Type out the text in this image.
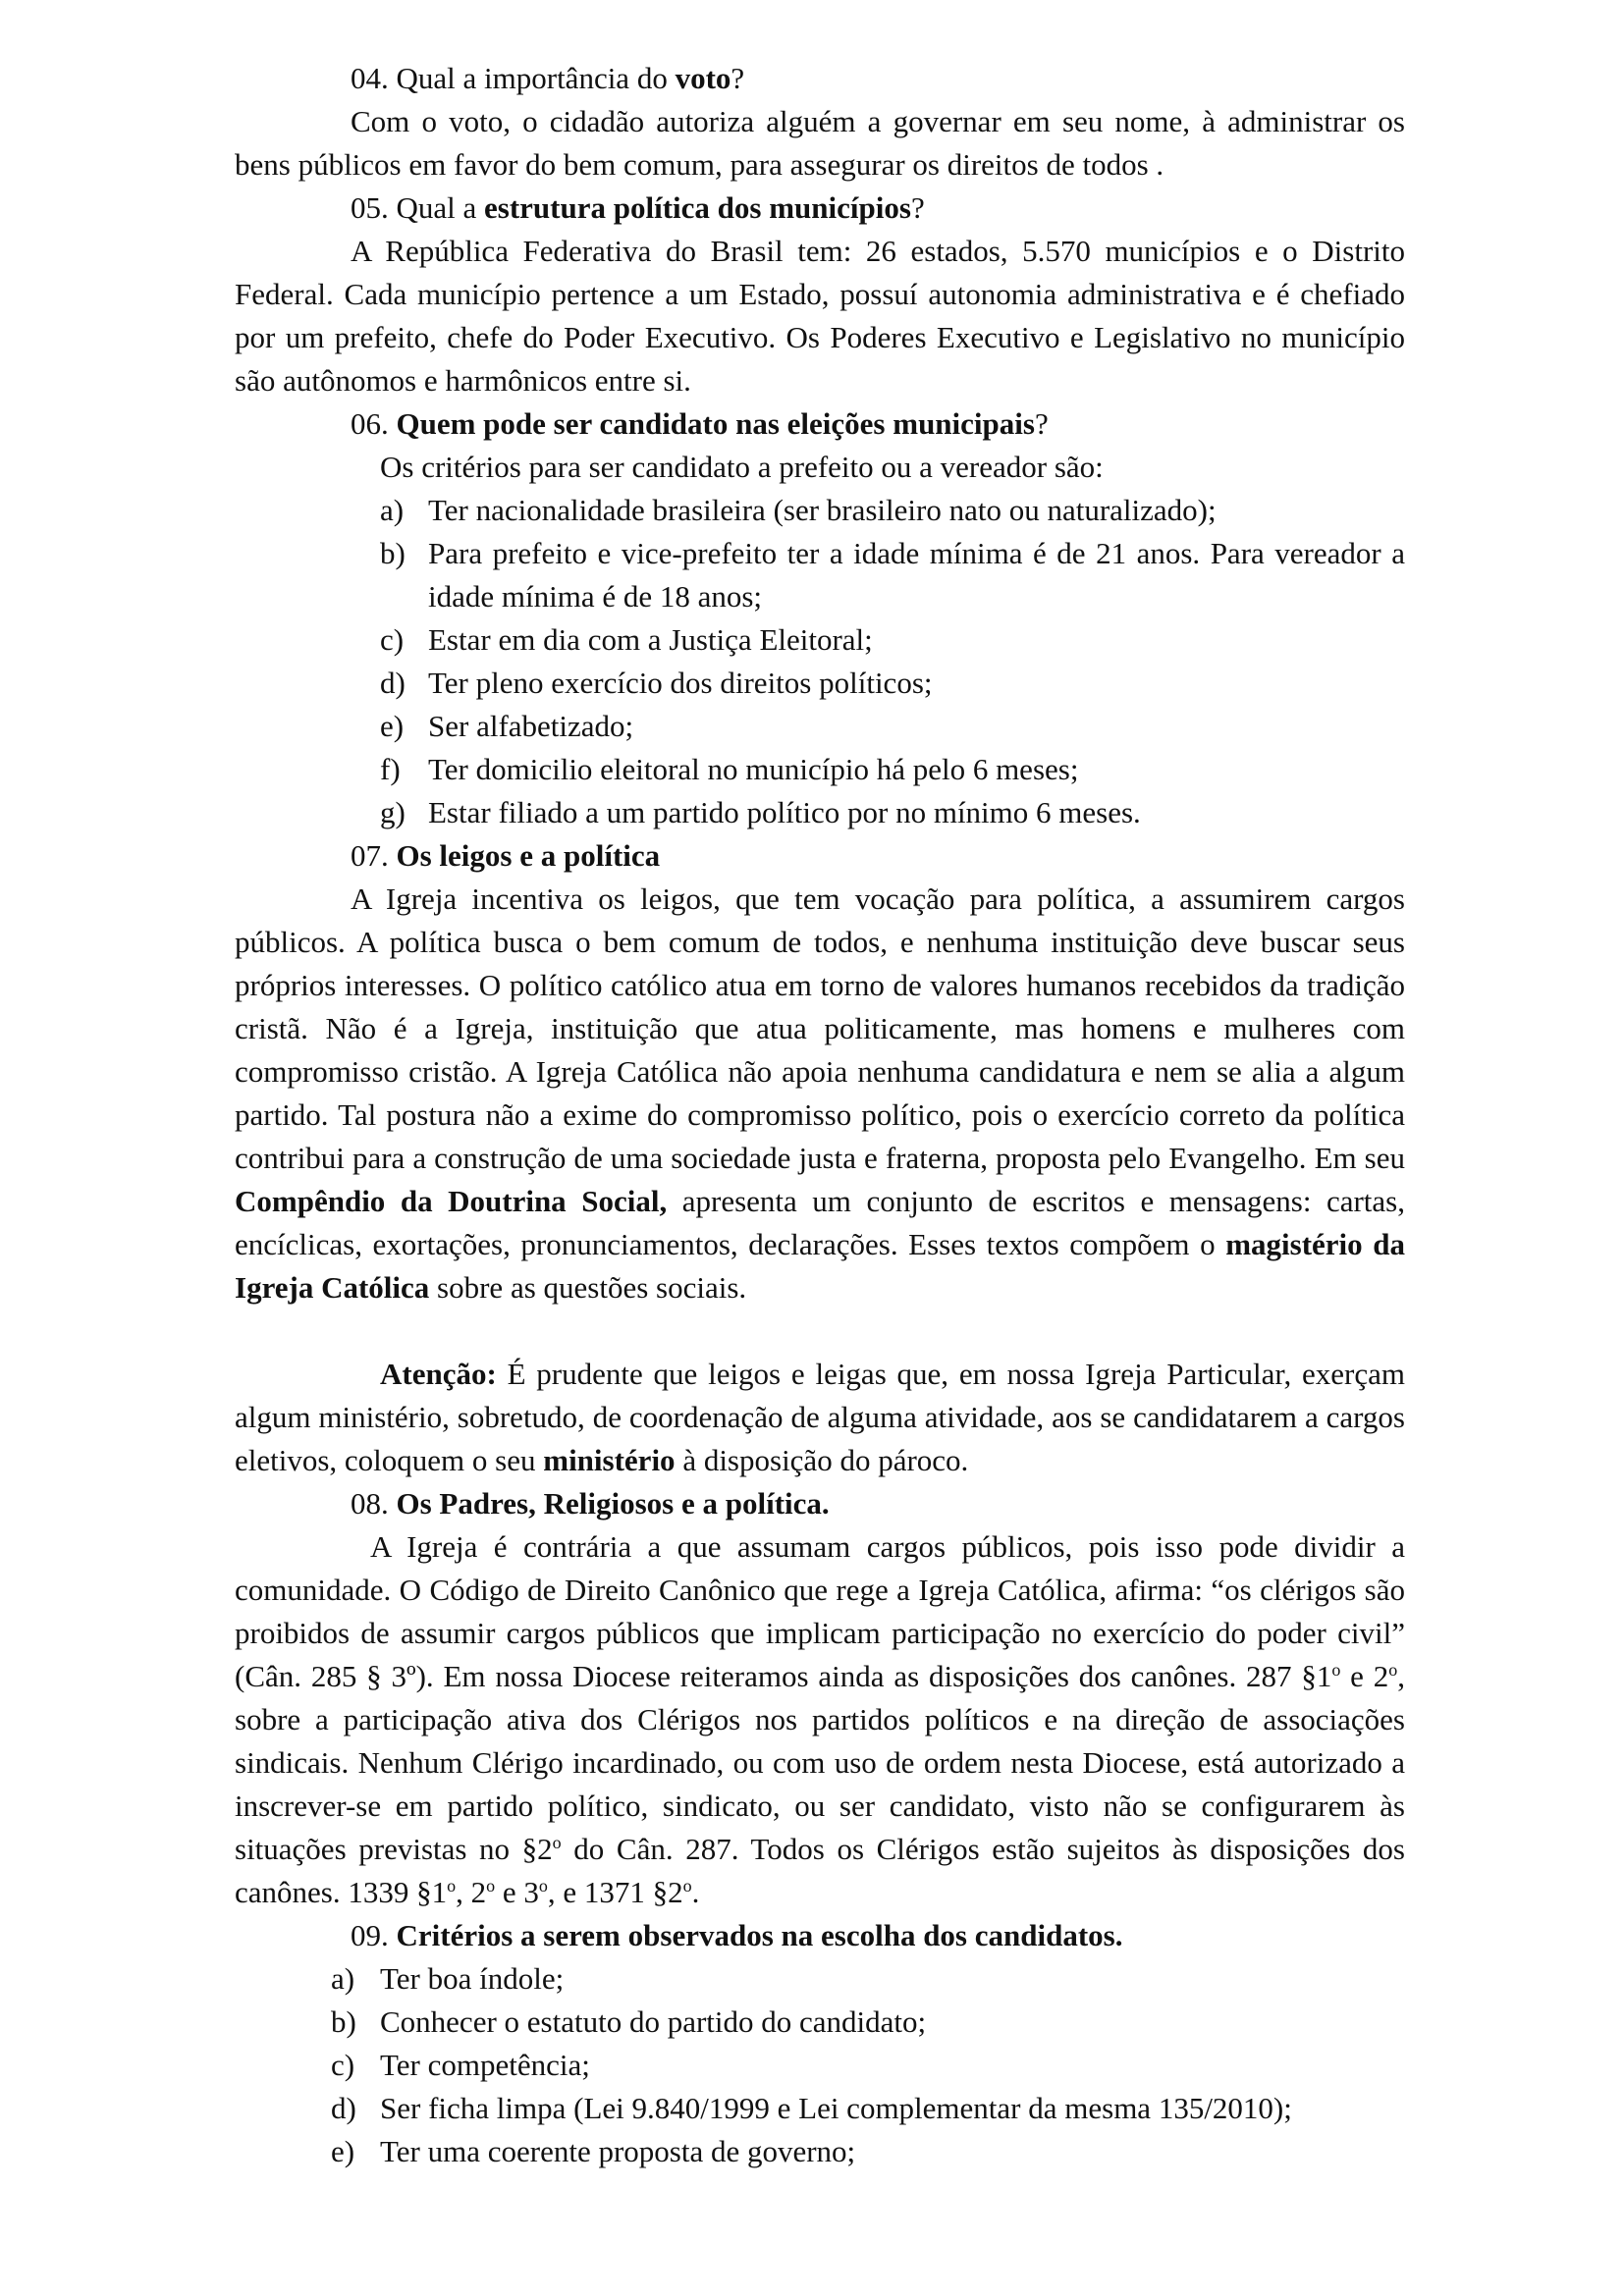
04. Qual a importância do voto?

Com o voto, o cidadão autoriza alguém a governar em seu nome, à administrar os bens públicos em favor do bem comum, para assegurar os direitos de todos .

05. Qual a estrutura política dos municípios?

A República Federativa do Brasil tem: 26 estados, 5.570 municípios e o Distrito Federal. Cada município pertence a um Estado, possuí autonomia administrativa e é chefiado por um prefeito, chefe do Poder Executivo. Os Poderes Executivo e Legislativo no município são autônomos e harmônicos entre si.

06. Quem pode ser candidato nas eleições municipais?

Os critérios para ser candidato a prefeito ou a vereador são:

a) Ter nacionalidade brasileira (ser brasileiro nato ou naturalizado);
b) Para prefeito e vice-prefeito ter a idade mínima é de 21 anos. Para vereador a idade mínima é de 18 anos;
c) Estar em dia com a Justiça Eleitoral;
d) Ter pleno exercício dos direitos políticos;
e) Ser alfabetizado;
f) Ter domicilio eleitoral no município há pelo 6 meses;
g) Estar filiado a um partido político por no mínimo 6 meses.

07. Os leigos e a política

A Igreja incentiva os leigos, que tem vocação para política, a assumirem cargos públicos. A política busca o bem comum de todos, e nenhuma instituição deve buscar seus próprios interesses. O político católico atua em torno de valores humanos recebidos da tradição cristã. Não é a Igreja, instituição que atua politicamente, mas homens e mulheres com compromisso cristão. A Igreja Católica não apoia nenhuma candidatura e nem se alia a algum partido. Tal postura não a exime do compromisso político, pois o exercício correto da política contribui para a construção de uma sociedade justa e fraterna, proposta pelo Evangelho. Em seu Compêndio da Doutrina Social, apresenta um conjunto de escritos e mensagens: cartas, encíclicas, exortações, pronunciamentos, declarações. Esses textos compõem o magistério da Igreja Católica sobre as questões sociais.

Atenção: É prudente que leigos e leigas que, em nossa Igreja Particular, exerçam algum ministério, sobretudo, de coordenação de alguma atividade, aos se candidatarem a cargos eletivos, coloquem o seu ministério à disposição do pároco.

08. Os Padres, Religiosos e a política.

A Igreja é contrária a que assumam cargos públicos, pois isso pode dividir a comunidade. O Código de Direito Canônico que rege a Igreja Católica, afirma: “os clérigos são proibidos de assumir cargos públicos que implicam participação no exercício do poder civil” (Cân. 285 § 3º). Em nossa Diocese reiteramos ainda as disposições dos canônes. 287 §1$^o$ e 2$^o$, sobre a participação ativa dos Clérigos nos partidos políticos e na direção de associações sindicais. Nenhum Clérigo incardinado, ou com uso de ordem nesta Diocese, está autorizado a inscrever-se em partido político, sindicato, ou ser candidato, visto não se configurarem às situações previstas no §2$^o$ do Cân. 287. Todos os Clérigos estão sujeitos às disposições dos canônes. 1339 §1$^o$, 2$^o$ e 3$^o$, e 1371 §2$^o$.

09. Critérios a serem observados na escolha dos candidatos.

a) Ter boa índole;
b) Conhecer o estatuto do partido do candidato;
c) Ter competência;
d) Ser ficha limpa (Lei 9.840/1999 e Lei complementar da mesma 135/2010);
e) Ter uma coerente proposta de governo;
